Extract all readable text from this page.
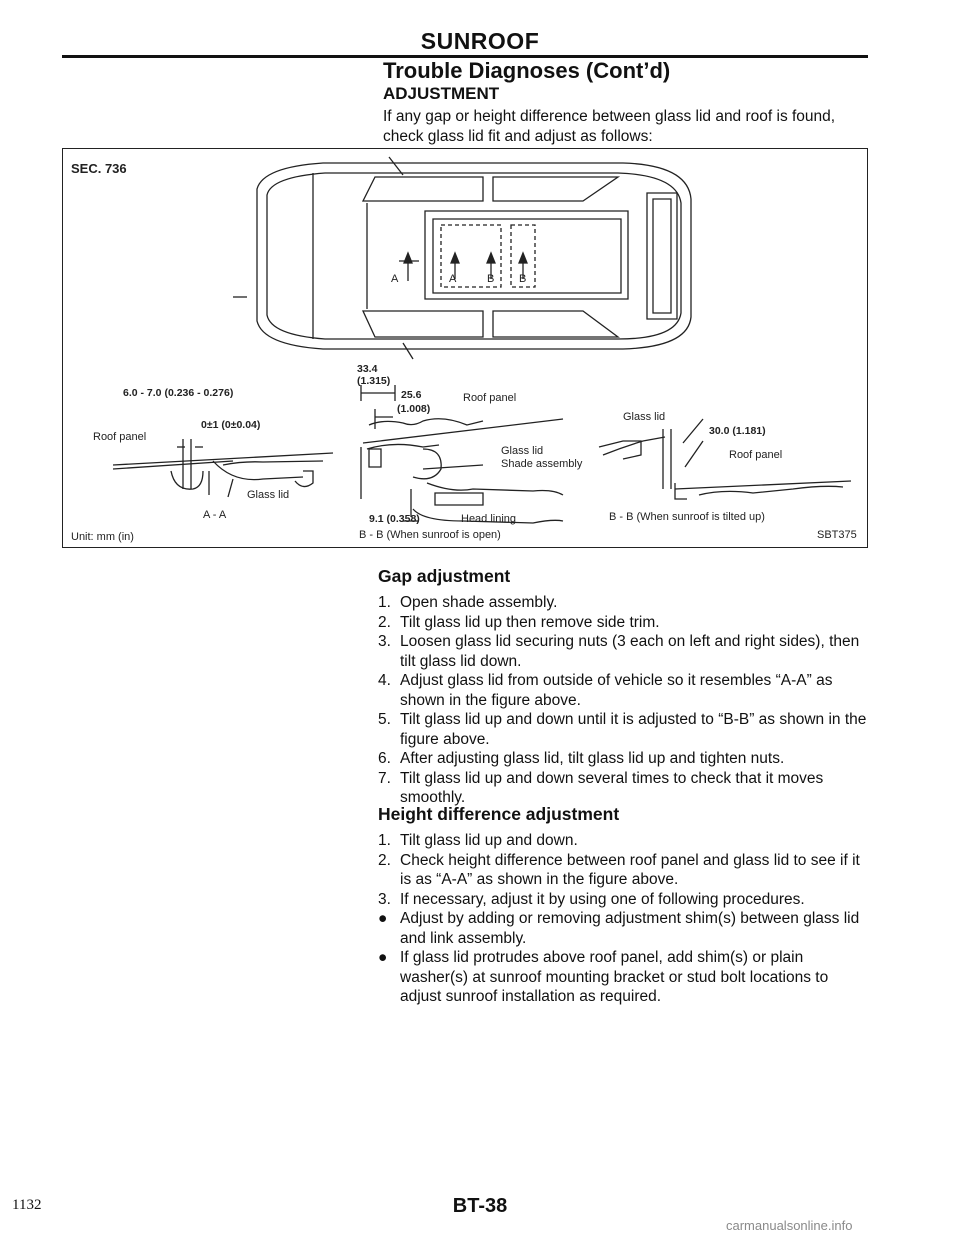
SUNROOF
Trouble Diagnoses (Cont’d)
ADJUSTMENT
If any gap or height difference between glass lid and roof is found, check glass lid fit and adjust as follows:
SEC. 736
A	A	B B
6.0 - 7.0 (0.236 - 0.276)
0±1 (0±0.04)
Roof panel
Glass lid
A - A
33.4
(1.315)
25.6
(1.008)
Roof panel
Glass lid
Shade assembly
9.1 (0.358)	Head lining
B - B (When sunroof is open)
Glass lid
30.0 (1.181)
Roof panel
B - B (When sunroof is tilted up)
Unit: mm (in)	SBT375
Gap adjustment
1. Open shade assembly.
2. Tilt glass lid up then remove side trim.
3. Loosen glass lid securing nuts (3 each on left and right sides), then tilt glass lid down.
4. Adjust glass lid from outside of vehicle so it resembles “A-A” as shown in the figure above.
5. Tilt glass lid up and down until it is adjusted to “B-B” as shown in the figure above.
6. After adjusting glass lid, tilt glass lid up and tighten nuts.
7. Tilt glass lid up and down several times to check that it moves smoothly.
Height difference adjustment
1. Tilt glass lid up and down.
2. Check height difference between roof panel and glass lid to see if it is as “A-A” as shown in the figure above.
3. If necessary, adjust it by using one of following procedures.
● Adjust by adding or removing adjustment shim(s) between glass lid and link assembly.
● If glass lid protrudes above roof panel, add shim(s) or plain washer(s) at sunroof mounting bracket or stud bolt locations to adjust sunroof installation as required.
1132	BT-38
carmanualsonline.info
